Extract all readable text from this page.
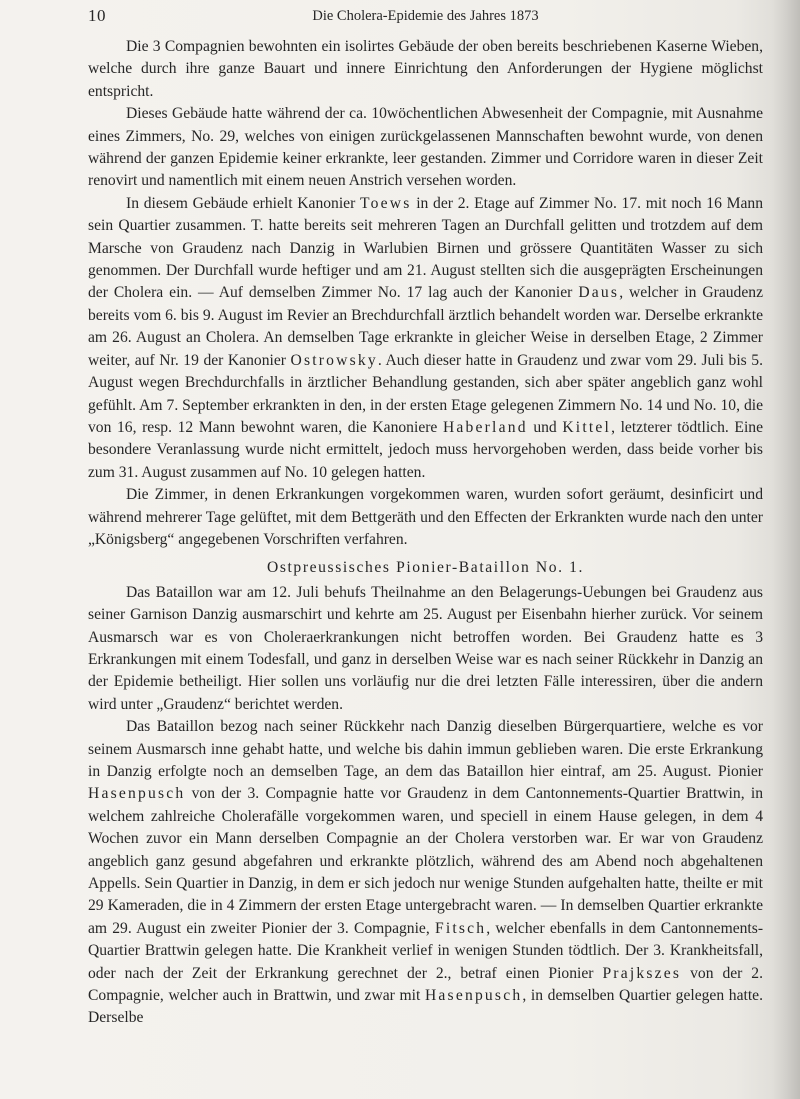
10	Die Cholera-Epidemie des Jahres 1873

Die 3 Compagnien bewohnten ein isolirtes Gebäude der oben bereits beschriebenen Kaserne Wieben, welche durch ihre ganze Bauart und innere Einrichtung den Anforderungen der Hygiene möglichst entspricht.

Dieses Gebäude hatte während der ca. 10wöchentlichen Abwesenheit der Compagnie, mit Ausnahme eines Zimmers, No. 29, welches von einigen zurückgelassenen Mannschaften bewohnt wurde, von denen während der ganzen Epidemie keiner erkrankte, leer gestanden. Zimmer und Corridore waren in dieser Zeit renovirt und namentlich mit einem neuen Anstrich versehen worden.

In diesem Gebäude erhielt Kanonier Toews in der 2. Etage auf Zimmer No. 17. mit noch 16 Mann sein Quartier zusammen. T. hatte bereits seit mehreren Tagen an Durchfall gelitten und trotzdem auf dem Marsche von Graudenz nach Danzig in Warlubien Birnen und grössere Quantitäten Wasser zu sich genommen. Der Durchfall wurde heftiger und am 21. August stellten sich die ausgeprägten Erscheinungen der Cholera ein. — Auf demselben Zimmer No. 17 lag auch der Kanonier Daus, welcher in Graudenz bereits vom 6. bis 9. August im Revier an Brechdurchfall ärztlich behandelt worden war. Derselbe erkrankte am 26. August an Cholera. An demselben Tage erkrankte in gleicher Weise in derselben Etage, 2 Zimmer weiter, auf Nr. 19 der Kanonier Ostrowsky. Auch dieser hatte in Graudenz und zwar vom 29. Juli bis 5. August wegen Brechdurchfalls in ärztlicher Behandlung gestanden, sich aber später angeblich ganz wohl gefühlt. Am 7. September erkrankten in den, in der ersten Etage gelegenen Zimmern No. 14 und No. 10, die von 16, resp. 12 Mann bewohnt waren, die Kanoniere Haberland und Kittel, letzterer tödtlich. Eine besondere Veranlassung wurde nicht ermittelt, jedoch muss hervorgehoben werden, dass beide vorher bis zum 31. August zusammen auf No. 10 gelegen hatten.

Die Zimmer, in denen Erkrankungen vorgekommen waren, wurden sofort geräumt, desinficirt und während mehrerer Tage gelüftet, mit dem Bettgeräth und den Effecten der Erkrankten wurde nach den unter „Königsberg“ angegebenen Vorschriften verfahren.

Ostpreussisches Pionier-Bataillon No. 1.

Das Bataillon war am 12. Juli behufs Theilnahme an den Belagerungs-Uebungen bei Graudenz aus seiner Garnison Danzig ausmarschirt und kehrte am 25. August per Eisenbahn hierher zurück. Vor seinem Ausmarsch war es von Choleraerkrankungen nicht betroffen worden. Bei Graudenz hatte es 3 Erkrankungen mit einem Todesfall, und ganz in derselben Weise war es nach seiner Rückkehr in Danzig an der Epidemie betheiligt. Hier sollen uns vorläufig nur die drei letzten Fälle interessiren, über die andern wird unter „Graudenz“ berichtet werden.

Das Bataillon bezog nach seiner Rückkehr nach Danzig dieselben Bürgerquartiere, welche es vor seinem Ausmarsch inne gehabt hatte, und welche bis dahin immun geblieben waren. Die erste Erkrankung in Danzig erfolgte noch an demselben Tage, an dem das Bataillon hier eintraf, am 25. August. Pionier Hasenpusch von der 3. Compagnie hatte vor Graudenz in dem Cantonnements-Quartier Brattwin, in welchem zahlreiche Cholerafälle vorgekommen waren, und speciell in einem Hause gelegen, in dem 4 Wochen zuvor ein Mann derselben Compagnie an der Cholera verstorben war. Er war von Graudenz angeblich ganz gesund abgefahren und erkrankte plötzlich, während des am Abend noch abgehaltenen Appells. Sein Quartier in Danzig, in dem er sich jedoch nur wenige Stunden aufgehalten hatte, theilte er mit 29 Kameraden, die in 4 Zimmern der ersten Etage untergebracht waren. — In demselben Quartier erkrankte am 29. August ein zweiter Pionier der 3. Compagnie, Fitsch, welcher ebenfalls in dem Cantonnements-Quartier Brattwin gelegen hatte. Die Krankheit verlief in wenigen Stunden tödtlich. Der 3. Krankheitsfall, oder nach der Zeit der Erkrankung gerechnet der 2., betraf einen Pionier Prajkszes von der 2. Compagnie, welcher auch in Brattwin, und zwar mit Hasenpusch, in demselben Quartier gelegen hatte. Derselbe
